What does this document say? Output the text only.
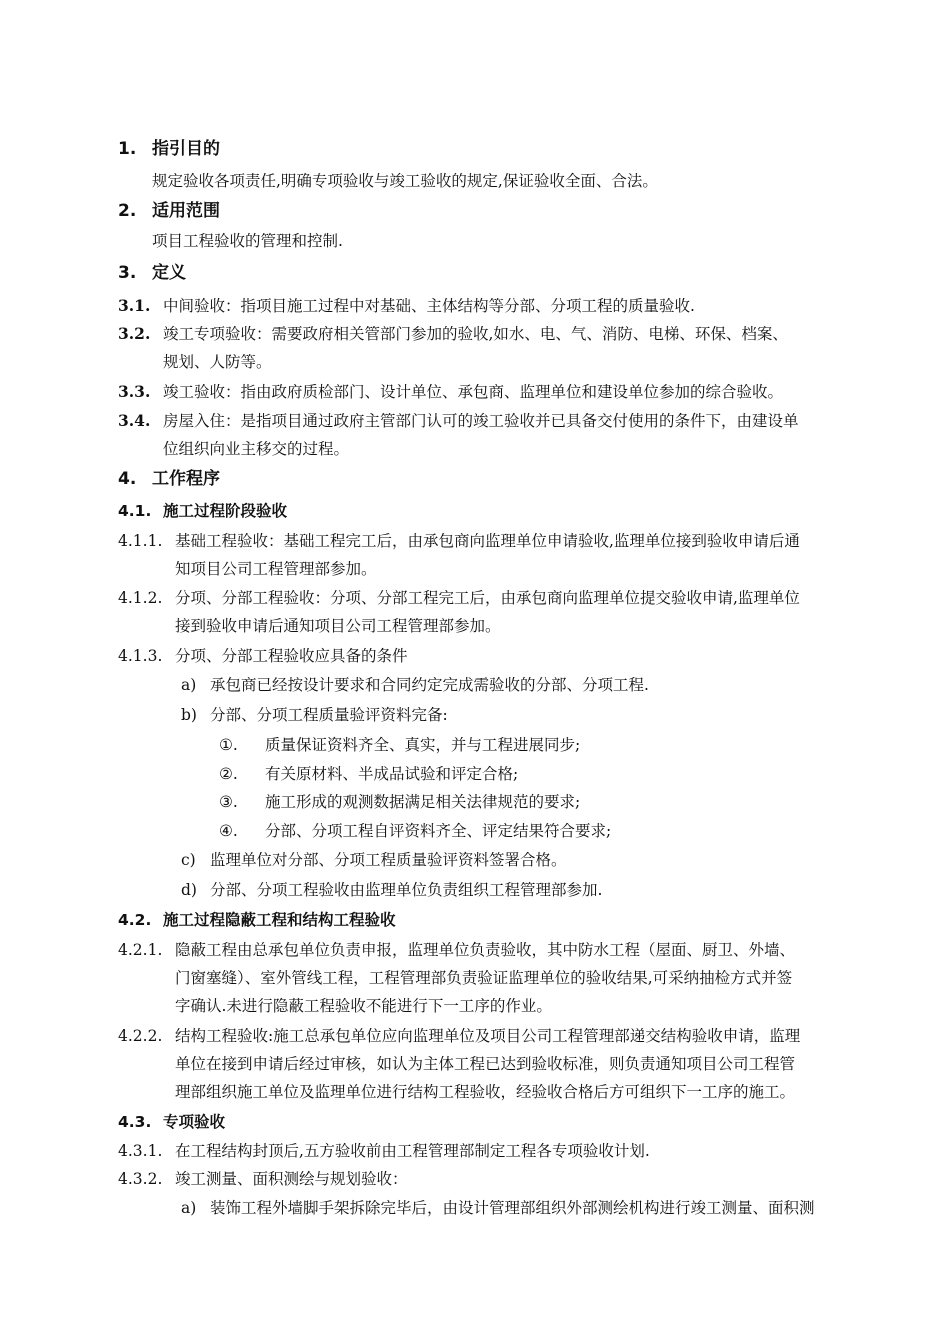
1. 指引目的
规定验收各项责任,明确专项验收与竣工验收的规定,保证验收全面、合法。
2. 适用范围
项目工程验收的管理和控制.
3. 定义
3.1. 中间验收：指项目施工过程中对基础、主体结构等分部、分项工程的质量验收.
3.2. 竣工专项验收：需要政府相关管部门参加的验收,如水、电、气、消防、电梯、环保、档案、
规划、人防等。
3.3. 竣工验收：指由政府质检部门、设计单位、承包商、监理单位和建设单位参加的综合验收。
3.4. 房屋入住：是指项目通过政府主管部门认可的竣工验收并已具备交付使用的条件下，由建设单
位组织向业主移交的过程。
4. 工作程序
4.1. 施工过程阶段验收
4.1.1. 基础工程验收：基础工程完工后，由承包商向监理单位申请验收,监理单位接到验收申请后通
知项目公司工程管理部参加。
4.1.2. 分项、分部工程验收：分项、分部工程完工后，由承包商向监理单位提交验收申请,监理单位
接到验收申请后通知项目公司工程管理部参加。
4.1.3. 分项、分部工程验收应具备的条件
a) 承包商已经按设计要求和合同约定完成需验收的分部、分项工程.
b) 分部、分项工程质量验评资料完备:
①. 质量保证资料齐全、真实，并与工程进展同步;
②. 有关原材料、半成品试验和评定合格;
③. 施工形成的观测数据满足相关法律规范的要求;
④. 分部、分项工程自评资料齐全、评定结果符合要求;
c) 监理单位对分部、分项工程质量验评资料签署合格。
d) 分部、分项工程验收由监理单位负责组织工程管理部参加.
4.2. 施工过程隐蔽工程和结构工程验收
4.2.1. 隐蔽工程由总承包单位负责申报，监理单位负责验收，其中防水工程（屋面、厨卫、外墙、
门窗塞缝）、室外管线工程，工程管理部负责验证监理单位的验收结果,可采纳抽检方式并签
字确认.未进行隐蔽工程验收不能进行下一工序的作业。
4.2.2. 结构工程验收:施工总承包单位应向监理单位及项目公司工程管理部递交结构验收申请，监理
单位在接到申请后经过审核，如认为主体工程已达到验收标准，则负责通知项目公司工程管
理部组织施工单位及监理单位进行结构工程验收，经验收合格后方可组织下一工序的施工。
4.3. 专项验收
4.3.1. 在工程结构封顶后,五方验收前由工程管理部制定工程各专项验收计划.
4.3.2. 竣工测量、面积测绘与规划验收：
a) 装饰工程外墙脚手架拆除完毕后，由设计管理部组织外部测绘机构进行竣工测量、面积测
